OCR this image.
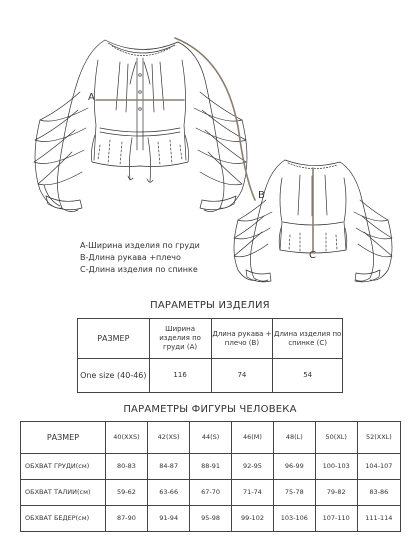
A
B
C
A-Ширина изделия по груди
B-Длина рукава +плечо
C-Длина изделия по спинке
ПАРАМЕТРЫ ИЗДЕЛИЯ
РАЗМЕР	Ширина изделия по груди (А)	Длина рукава + плечо (В)	Длина изделия по спинке (С)
One size (40-46)	116	74	54
ПАРАМЕТРЫ ФИГУРЫ ЧЕЛОВЕКА
РАЗМЕР	40(XXS)	42(XS)	44(S)	46(M)	48(L)	50(XL)	52(XXL)
ОБХВАТ ГРУДИ(см)	80-83	84-87	88-91	92-95	96-99	100-103	104-107
ОБХВАТ ТАЛИИ(см)	59-62	63-66	67-70	71-74	75-78	79-82	83-86
ОБХВАТ БЕДЕР(см)	87-90	91-94	95-98	99-102	103-106	107-110	111-114
